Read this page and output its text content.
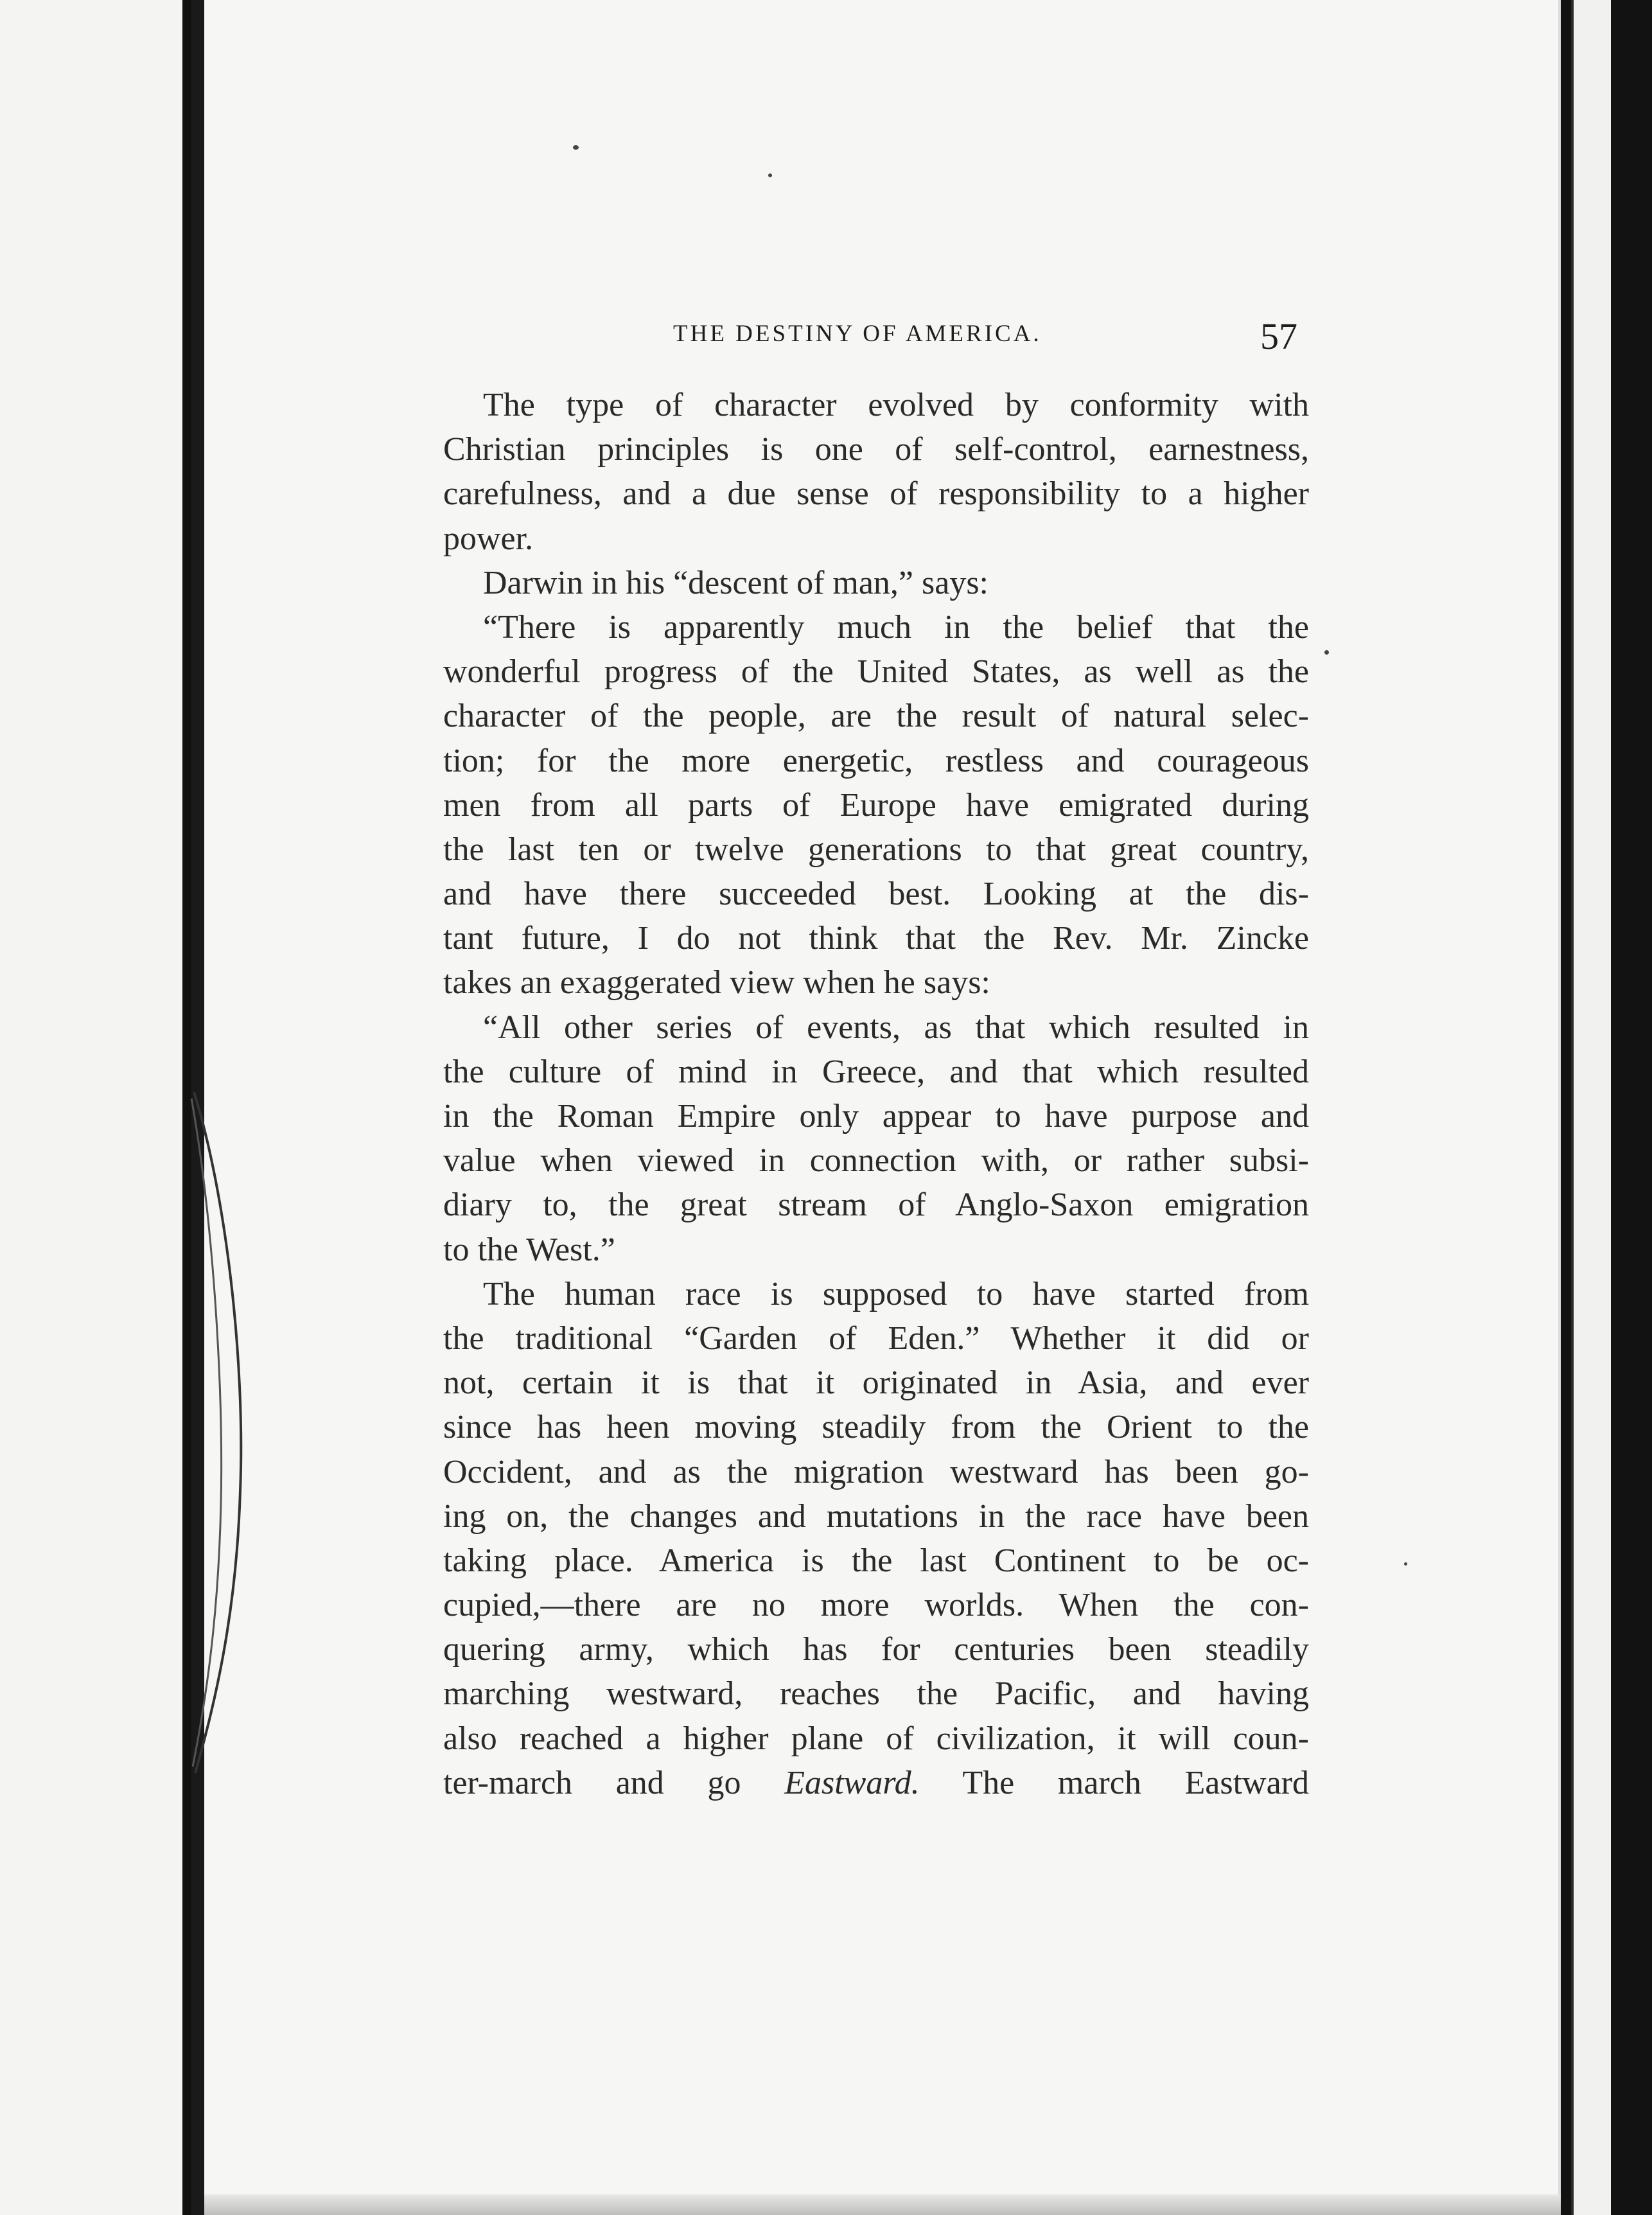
THE DESTINY OF AMERICA.	57
The type of character evolved by conformity with
Christian principles is one of self-control, earnestness,
carefulness, and a due sense of responsibility to a higher
power.
Darwin in his “descent of man,” says:
“There is apparently much in the belief that the
wonderful progress of the United States, as well as the
character of the people, are the result of natural selec-
tion; for the more energetic, restless and courageous
men from all parts of Europe have emigrated during
the last ten or twelve generations to that great country,
and have there succeeded best. Looking at the dis-
tant future, I do not think that the Rev. Mr. Zincke
takes an exaggerated view when he says:
“All other series of events, as that which resulted in
the culture of mind in Greece, and that which resulted
in the Roman Empire only appear to have purpose and
value when viewed in connection with, or rather subsi-
diary to, the great stream of Anglo-Saxon emigration
to the West.”
The human race is supposed to have started from
the traditional “Garden of Eden.” Whether it did or
not, certain it is that it originated in Asia, and ever
since has heen moving steadily from the Orient to the
Occident, and as the migration westward has been go-
ing on, the changes and mutations in the race have been
taking place. America is the last Continent to be oc-
cupied,—there are no more worlds. When the con-
quering army, which has for centuries been steadily
marching westward, reaches the Pacific, and having
also reached a higher plane of civilization, it will coun-
ter-march and go Eastward. The march Eastward
